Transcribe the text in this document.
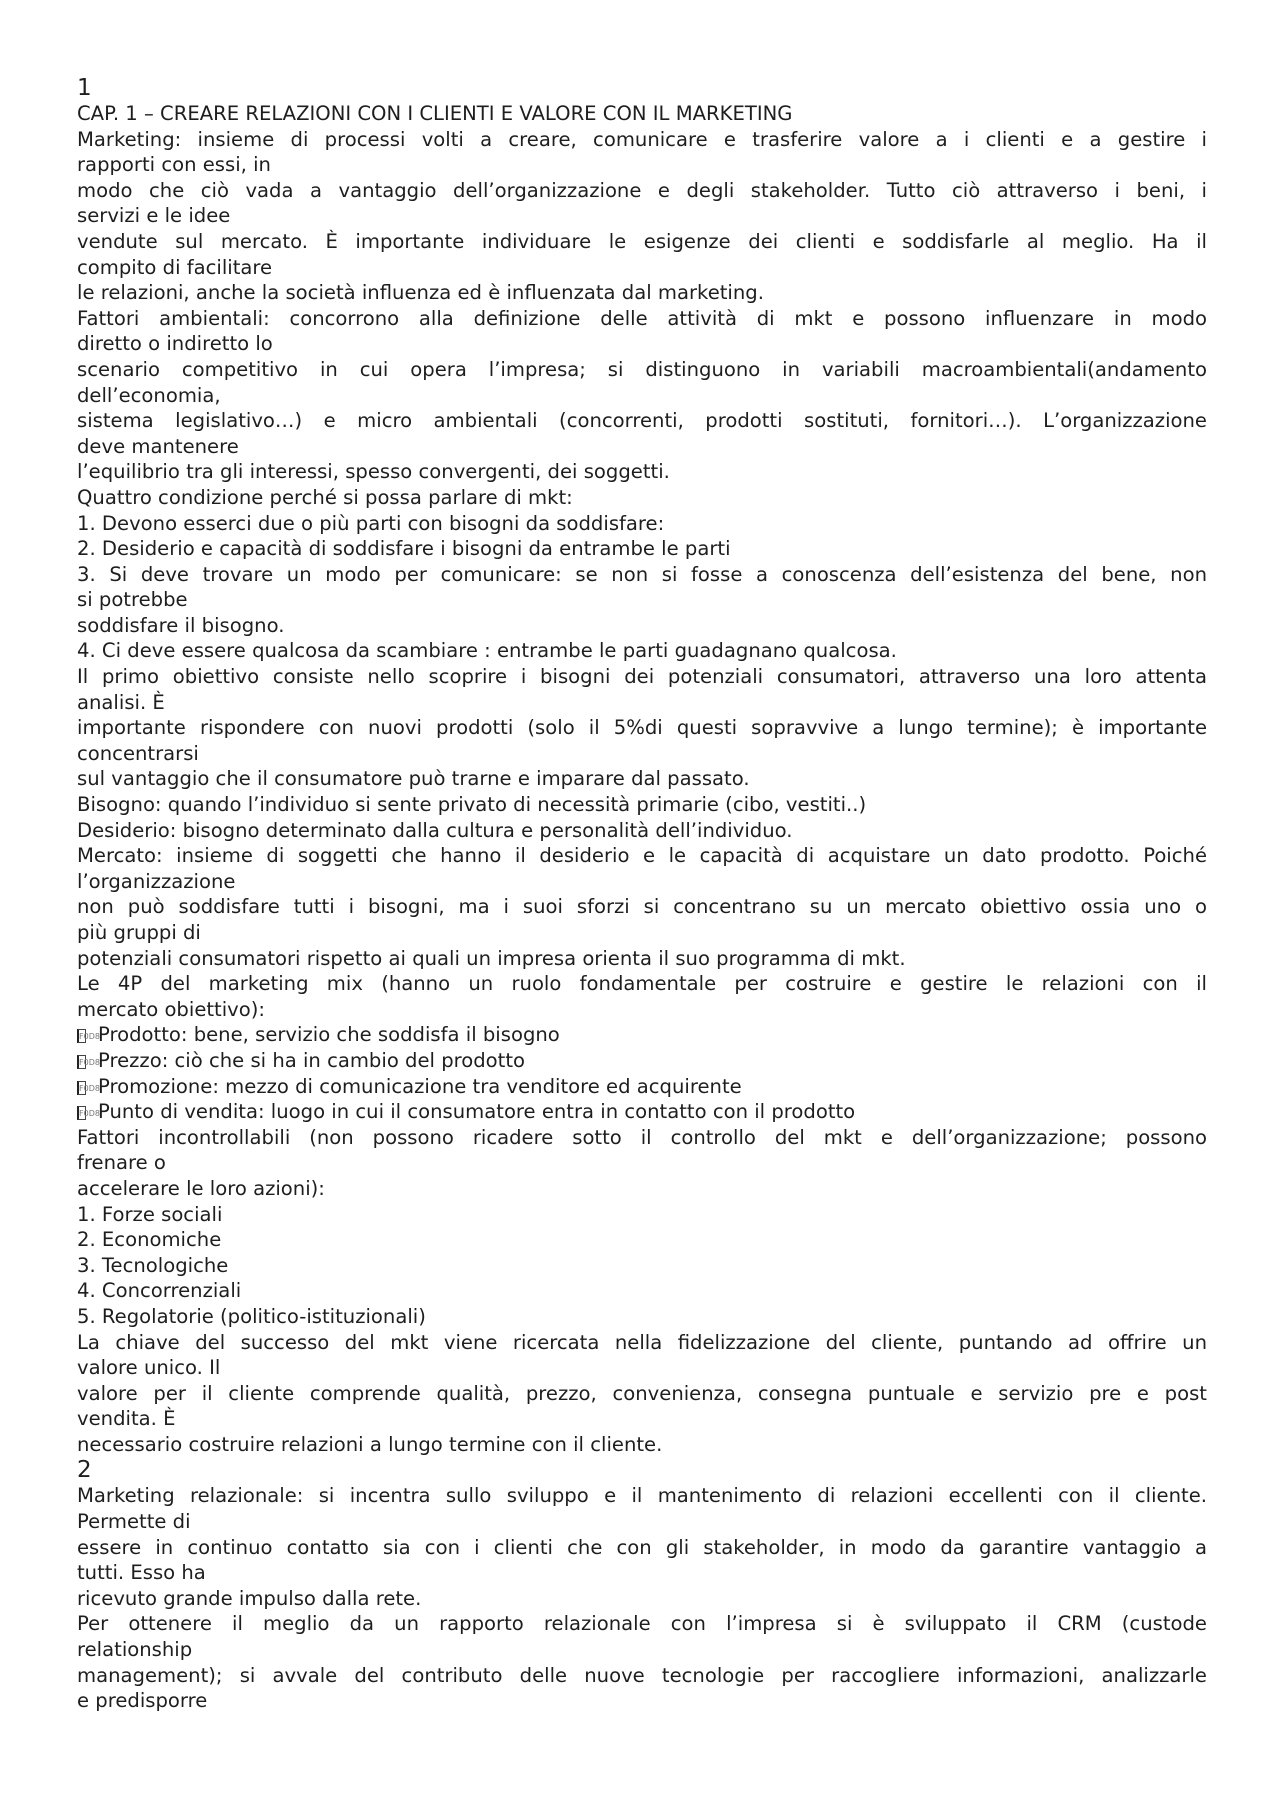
1
CAP. 1 – CREARE RELAZIONI CON I CLIENTI E VALORE CON IL MARKETING
Marketing: insieme di processi volti a creare, comunicare e trasferire valore a i clienti e a gestire i
rapporti con essi, in
modo che ciò vada a vantaggio dell’organizzazione e degli stakeholder. Tutto ciò attraverso i beni, i
servizi e le idee
vendute sul mercato. È importante individuare le esigenze dei clienti e soddisfarle al meglio. Ha il
compito di facilitare
le relazioni, anche la società influenza ed è influenzata dal marketing.
Fattori ambientali: concorrono alla definizione delle attività di mkt e possono influenzare in modo
diretto o indiretto lo
scenario competitivo in cui opera l’impresa; si distinguono in variabili macroambientali(andamento
dell’economia,
sistema legislativo…) e micro ambientali (concorrenti, prodotti sostituti, fornitori…). L’organizzazione
deve mantenere
l’equilibrio tra gli interessi, spesso convergenti, dei soggetti.
Quattro condizione perché si possa parlare di mkt:
1. Devono esserci due o più parti con bisogni da soddisfare:
2. Desiderio e capacità di soddisfare i bisogni da entrambe le parti
3. Si deve trovare un modo per comunicare: se non si fosse a conoscenza dell’esistenza del bene, non
si potrebbe
soddisfare il bisogno.
4. Ci deve essere qualcosa da scambiare : entrambe le parti guadagnano qualcosa.
Il primo obiettivo consiste nello scoprire i bisogni dei potenziali consumatori, attraverso una loro attenta
analisi. È
importante rispondere con nuovi prodotti (solo il 5%di questi sopravvive a lungo termine); è importante
concentrarsi
sul vantaggio che il consumatore può trarne e imparare dal passato.
Bisogno: quando l’individuo si sente privato di necessità primarie (cibo, vestiti..)
Desiderio: bisogno determinato dalla cultura e personalità dell’individuo.
Mercato: insieme di soggetti che hanno il desiderio e le capacità di acquistare un dato prodotto. Poiché
l’organizzazione
non può soddisfare tutti i bisogni, ma i suoi sforzi si concentrano su un mercato obiettivo ossia uno o
più gruppi di
potenziali consumatori rispetto ai quali un impresa orienta il suo programma di mkt.
Le 4P del marketing mix (hanno un ruolo fondamentale per costruire e gestire le relazioni con il
mercato obiettivo):
F0D8
Prodotto: bene, servizio che soddisfa il bisogno
F0D8
Prezzo: ciò che si ha in cambio del prodotto
F0D8
Promozione: mezzo di comunicazione tra venditore ed acquirente
F0D8
Punto di vendita: luogo in cui il consumatore entra in contatto con il prodotto
Fattori incontrollabili (non possono ricadere sotto il controllo del mkt e dell’organizzazione; possono
frenare o
accelerare le loro azioni):
1. Forze sociali
2. Economiche
3. Tecnologiche
4. Concorrenziali
5. Regolatorie (politico-istituzionali)
La chiave del successo del mkt viene ricercata nella fidelizzazione del cliente, puntando ad offrire un
valore unico. Il
valore per il cliente comprende qualità, prezzo, convenienza, consegna puntuale e servizio pre e post
vendita. È
necessario costruire relazioni a lungo termine con il cliente.
2
Marketing relazionale: si incentra sullo sviluppo e il mantenimento di relazioni eccellenti con il cliente.
Permette di
essere in continuo contatto sia con i clienti che con gli stakeholder, in modo da garantire vantaggio a
tutti. Esso ha
ricevuto grande impulso dalla rete.
Per ottenere il meglio da un rapporto relazionale con l’impresa si è sviluppato il CRM (custode
relationship
management); si avvale del contributo delle nuove tecnologie per raccogliere informazioni, analizzarle
e predisporre
